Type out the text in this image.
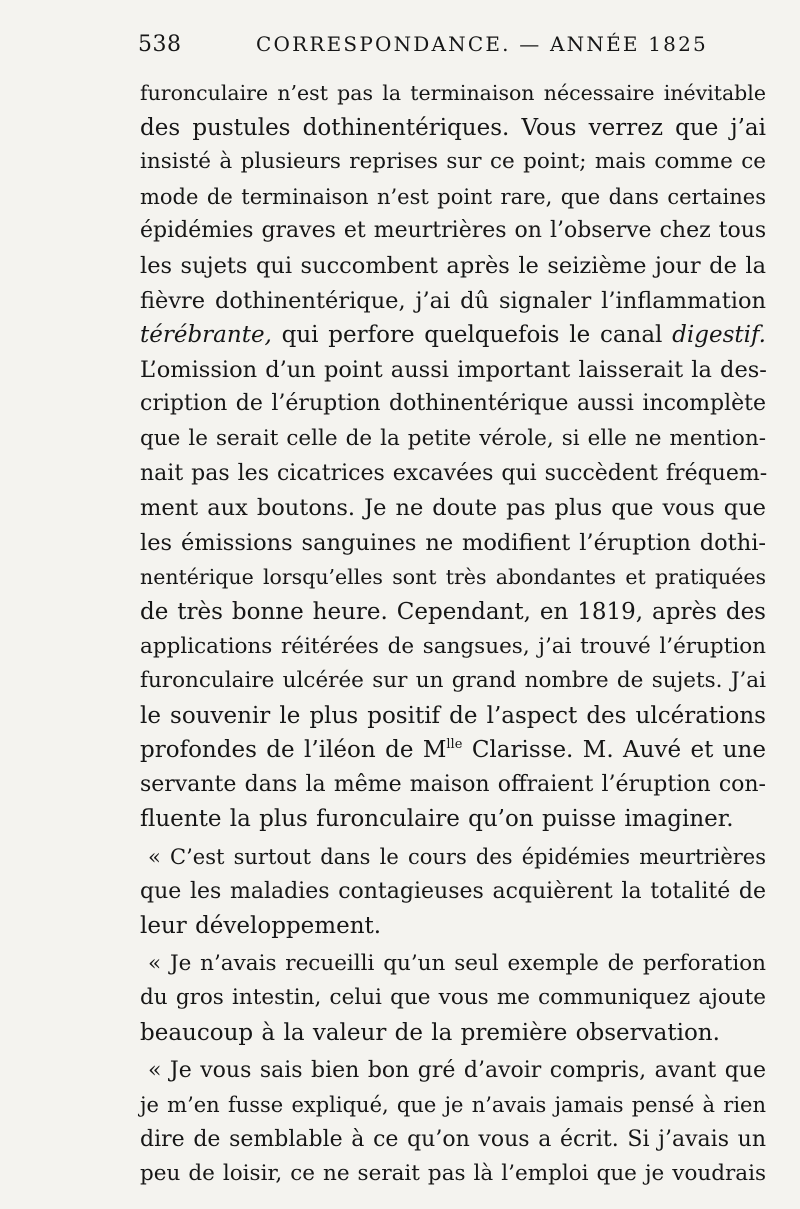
538	CORRESPONDANCE. — ANNÉE 1825
furonculaire n’est pas la terminaison nécessaire inévitable
des pustules dothinentériques. Vous verrez que j’ai
insisté à plusieurs reprises sur ce point; mais comme ce
mode de terminaison n’est point rare, que dans certaines
épidémies graves et meurtrières on l’observe chez tous
les sujets qui succombent après le seizième jour de la
fièvre dothinentérique, j’ai dû signaler l’inflammation
térébrante, qui perfore quelquefois le canal digestif.
L’omission d’un point aussi important laisserait la des-
cription de l’éruption dothinentérique aussi incomplète
que le serait celle de la petite vérole, si elle ne mention-
nait pas les cicatrices excavées qui succèdent fréquem-
ment aux boutons. Je ne doute pas plus que vous que
les émissions sanguines ne modifient l’éruption dothi-
nentérique lorsqu’elles sont très abondantes et pratiquées
de très bonne heure. Cependant, en 1819, après des
applications réitérées de sangsues, j’ai trouvé l’éruption
furonculaire ulcérée sur un grand nombre de sujets. J’ai
le souvenir le plus positif de l’aspect des ulcérations
profondes de l’iléon de $M^{lle}$ Clarisse. M. Auvé et une
servante dans la même maison offraient l’éruption con-
fluente la plus furonculaire qu’on puisse imaginer.
« C’est surtout dans le cours des épidémies meurtrières
que les maladies contagieuses acquièrent la totalité de
leur développement.
« Je n’avais recueilli qu’un seul exemple de perforation
du gros intestin, celui que vous me communiquez ajoute
beaucoup à la valeur de la première observation.
« Je vous sais bien bon gré d’avoir compris, avant que
je m’en fusse expliqué, que je n’avais jamais pensé à rien
dire de semblable à ce qu’on vous a écrit. Si j’avais un
peu de loisir, ce ne serait pas là l’emploi que je voudrais
